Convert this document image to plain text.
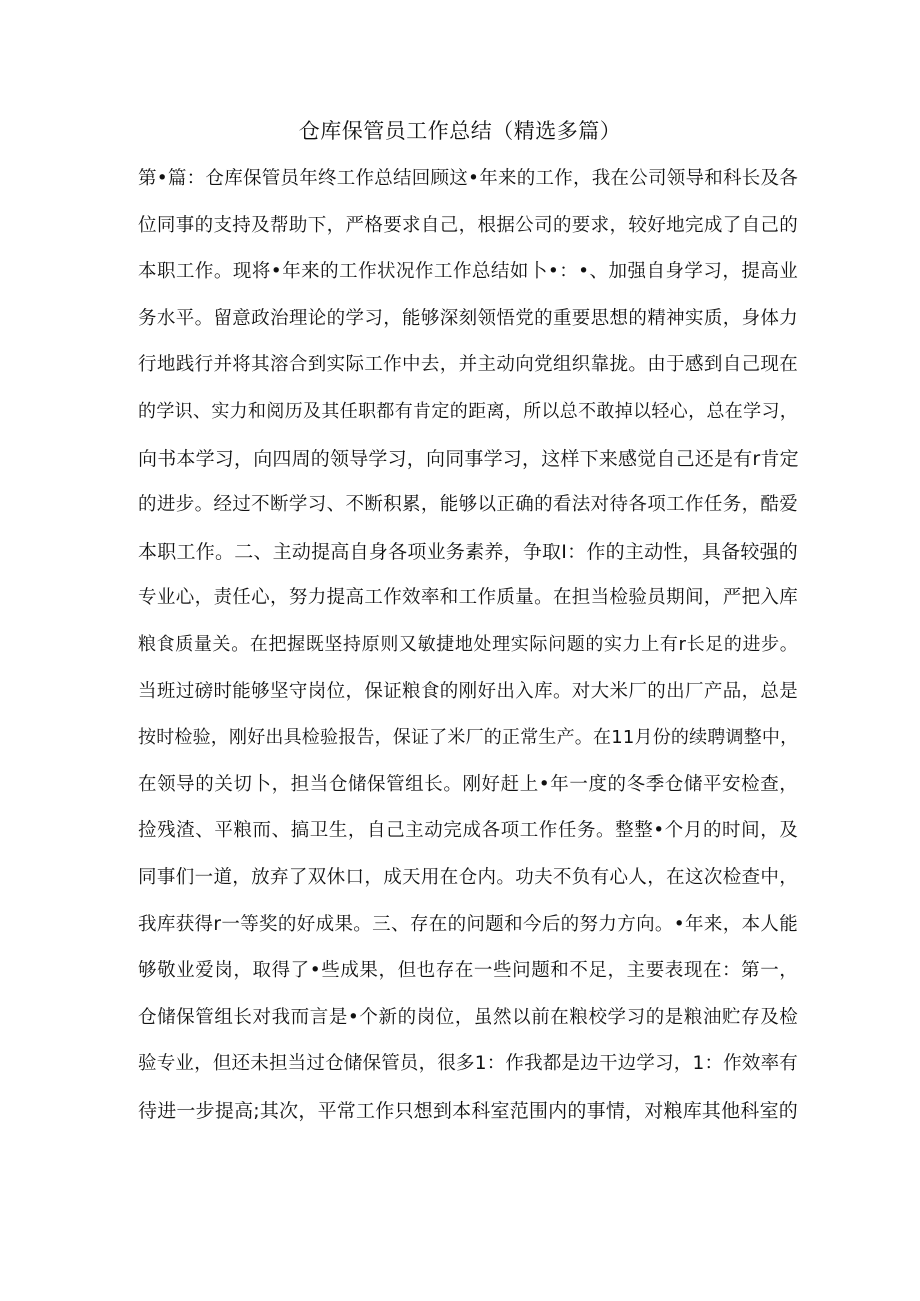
仓库保管员工作总结（精选多篇）
第•篇：仓库保管员年终工作总结回顾这•年来的工作，我在公司领导和科长及各
位同事的支持及帮助下，严格要求自己，根据公司的要求，较好地完成了自己的
本职工作。现将•年来的工作状况作工作总结如卜•：•、加强自身学习，提高业
务水平。留意政治理论的学习，能够深刻领悟党的重要思想的精神实质，身体力
行地践行并将其溶合到实际工作中去，并主动向党组织靠拢。由于感到自己现在
的学识、实力和阅历及其任职都有肯定的距离，所以总不敢掉以轻心，总在学习，
向书本学习，向四周的领导学习，向同事学习，这样下来感觉自己还是有r肯定
的进步。经过不断学习、不断积累，能够以正确的看法对待各项工作任务，酷爱
本职工作。二、主动提高自身各项业务素养，争取I：作的主动性，具备较强的
专业心，责任心，努力提高工作效率和工作质量。在担当检验员期间，严把入库
粮食质量关。在把握既坚持原则又敏捷地处理实际问题的实力上有r长足的进步。
当班过磅时能够坚守岗位，保证粮食的刚好出入库。对大米厂的出厂产品，总是
按时检验，刚好出具检验报告，保证了米厂的正常生产。在11月份的续聘调整中，
在领导的关切卜，担当仓储保管组长。刚好赶上•年一度的冬季仓储平安检查，
捡残渣、平粮而、搞卫生，自己主动完成各项工作任务。整整•个月的时间，及
同事们一道，放弃了双休口，成天用在仓内。功夫不负有心人，在这次检查中，
我库获得r一等奖的好成果。三、存在的问题和今后的努力方向。•年来，本人能
够敬业爱岗，取得了•些成果，但也存在一些问题和不足，主要表现在：第一，
仓储保管组长对我而言是•个新的岗位，虽然以前在粮校学习的是粮油贮存及检
验专业，但还未担当过仓储保管员，很多1：作我都是边干边学习，1：作效率有
待进一步提高;其次，平常工作只想到本科室范围内的事情，对粮库其他科室的
